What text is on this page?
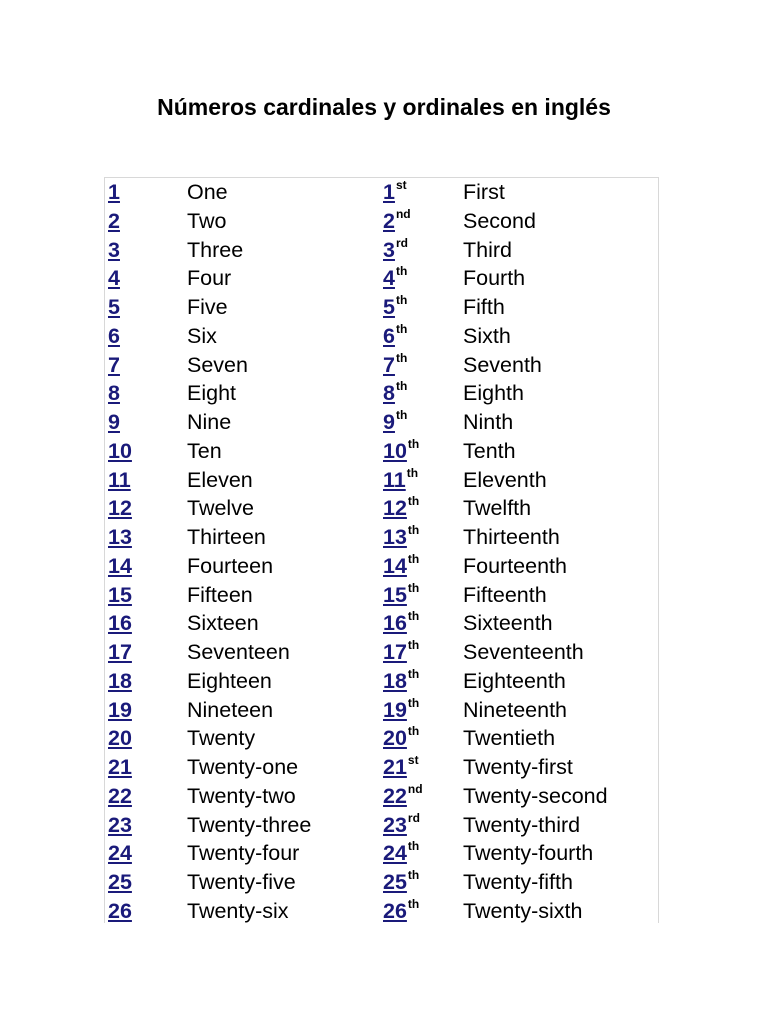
Números cardinales y ordinales en inglés
1	One	1st	First
2	Two	2nd Second
3	Three	3rd	Third
4	Four	4th	Fourth
5	Five	5th	Fifth
6	Six	6th	Sixth
7	Seven	7th	Seventh
8	Eight	8th	Eighth
9	Nine	9th	Ninth
10	Ten	10th Tenth
11	Eleven	11th Eleventh
12	Twelve	12th Twelfth
13	Thirteen	13th Thirteenth
14	Fourteen	14th Fourteenth
15	Fifteen	15th Fifteenth
16	Sixteen	16th Sixteenth
17	Seventeen	17th Seventeenth
18	Eighteen	18th Eighteenth
19	Nineteen	19th Nineteenth
20	Twenty	20th Twentieth
21	Twenty-one	21st Twenty-first
22	Twenty-two	22nd Twenty-second
23	Twenty-three	23rd Twenty-third
24	Twenty-four	24th Twenty-fourth
25	Twenty-five	25th Twenty-fifth
26	Twenty-six	26th Twenty-sixth
